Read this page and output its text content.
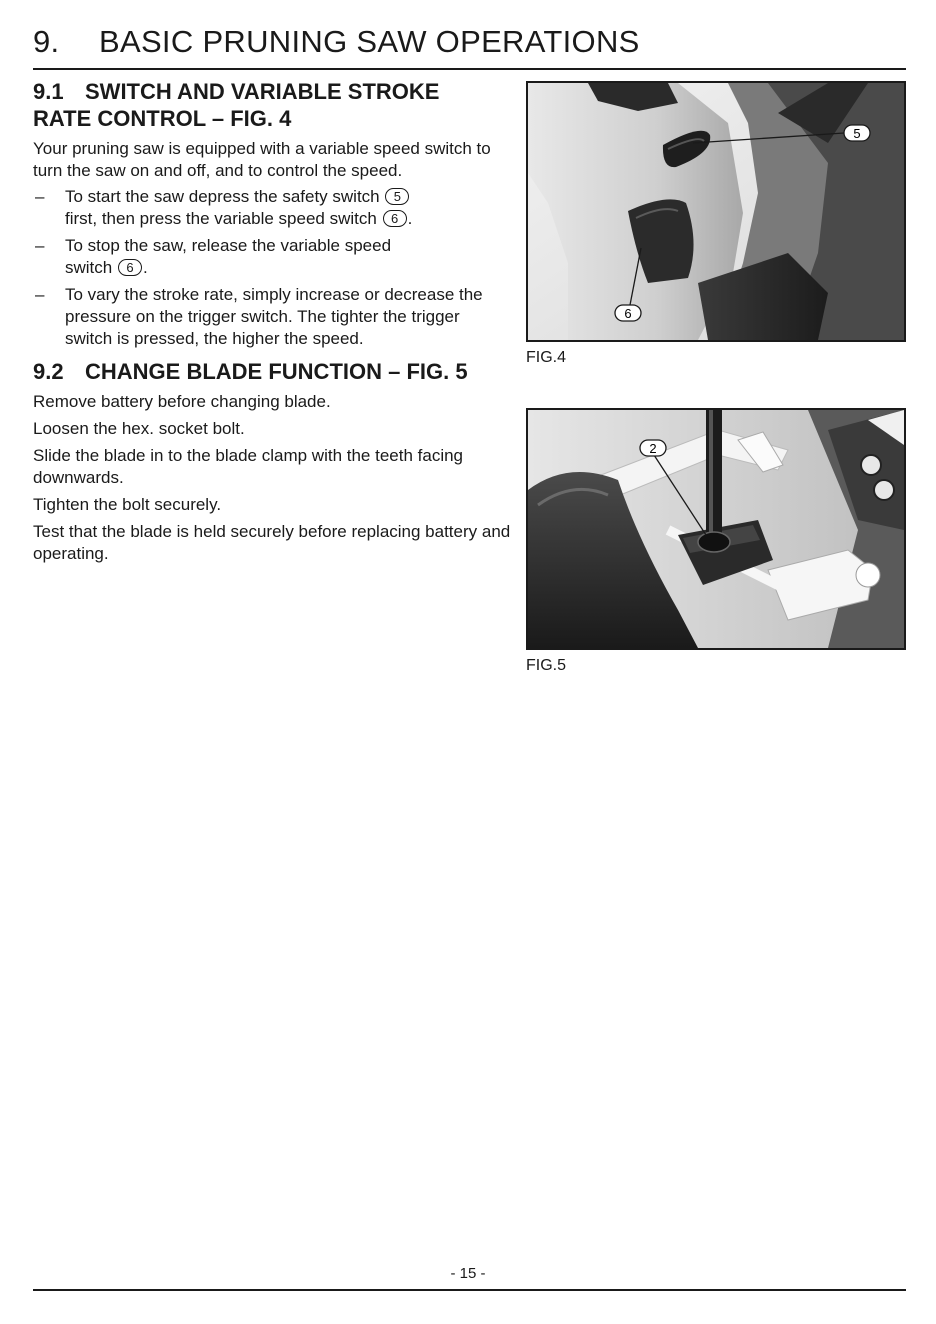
9. BASIC PRUNING SAW OPERATIONS
9.1 SWITCH AND VARIABLE STROKE
RATE CONTROL – FIG. 4

Your pruning saw is equipped with a variable speed switch to turn the saw on and off, and to control the speed.

– To start the saw depress the safety switch 5
first, then press the variable speed switch 6 .
– To stop the saw, release the variable speed
switch 6 .
– To vary the stroke rate, simply increase or decrease the pressure on the trigger switch. The tighter the trigger switch is pressed, the higher the speed.
9.2 CHANGE BLADE FUNCTION – FIG. 5

Remove battery before changing blade.

Loosen the hex. socket bolt.

Slide the blade in to the blade clamp with the teeth facing downwards.

Tighten the bolt securely.

Test that the blade is held securely before replacing battery and operating.

5
6
FIG.4
2
FIG.5
- 15 -
